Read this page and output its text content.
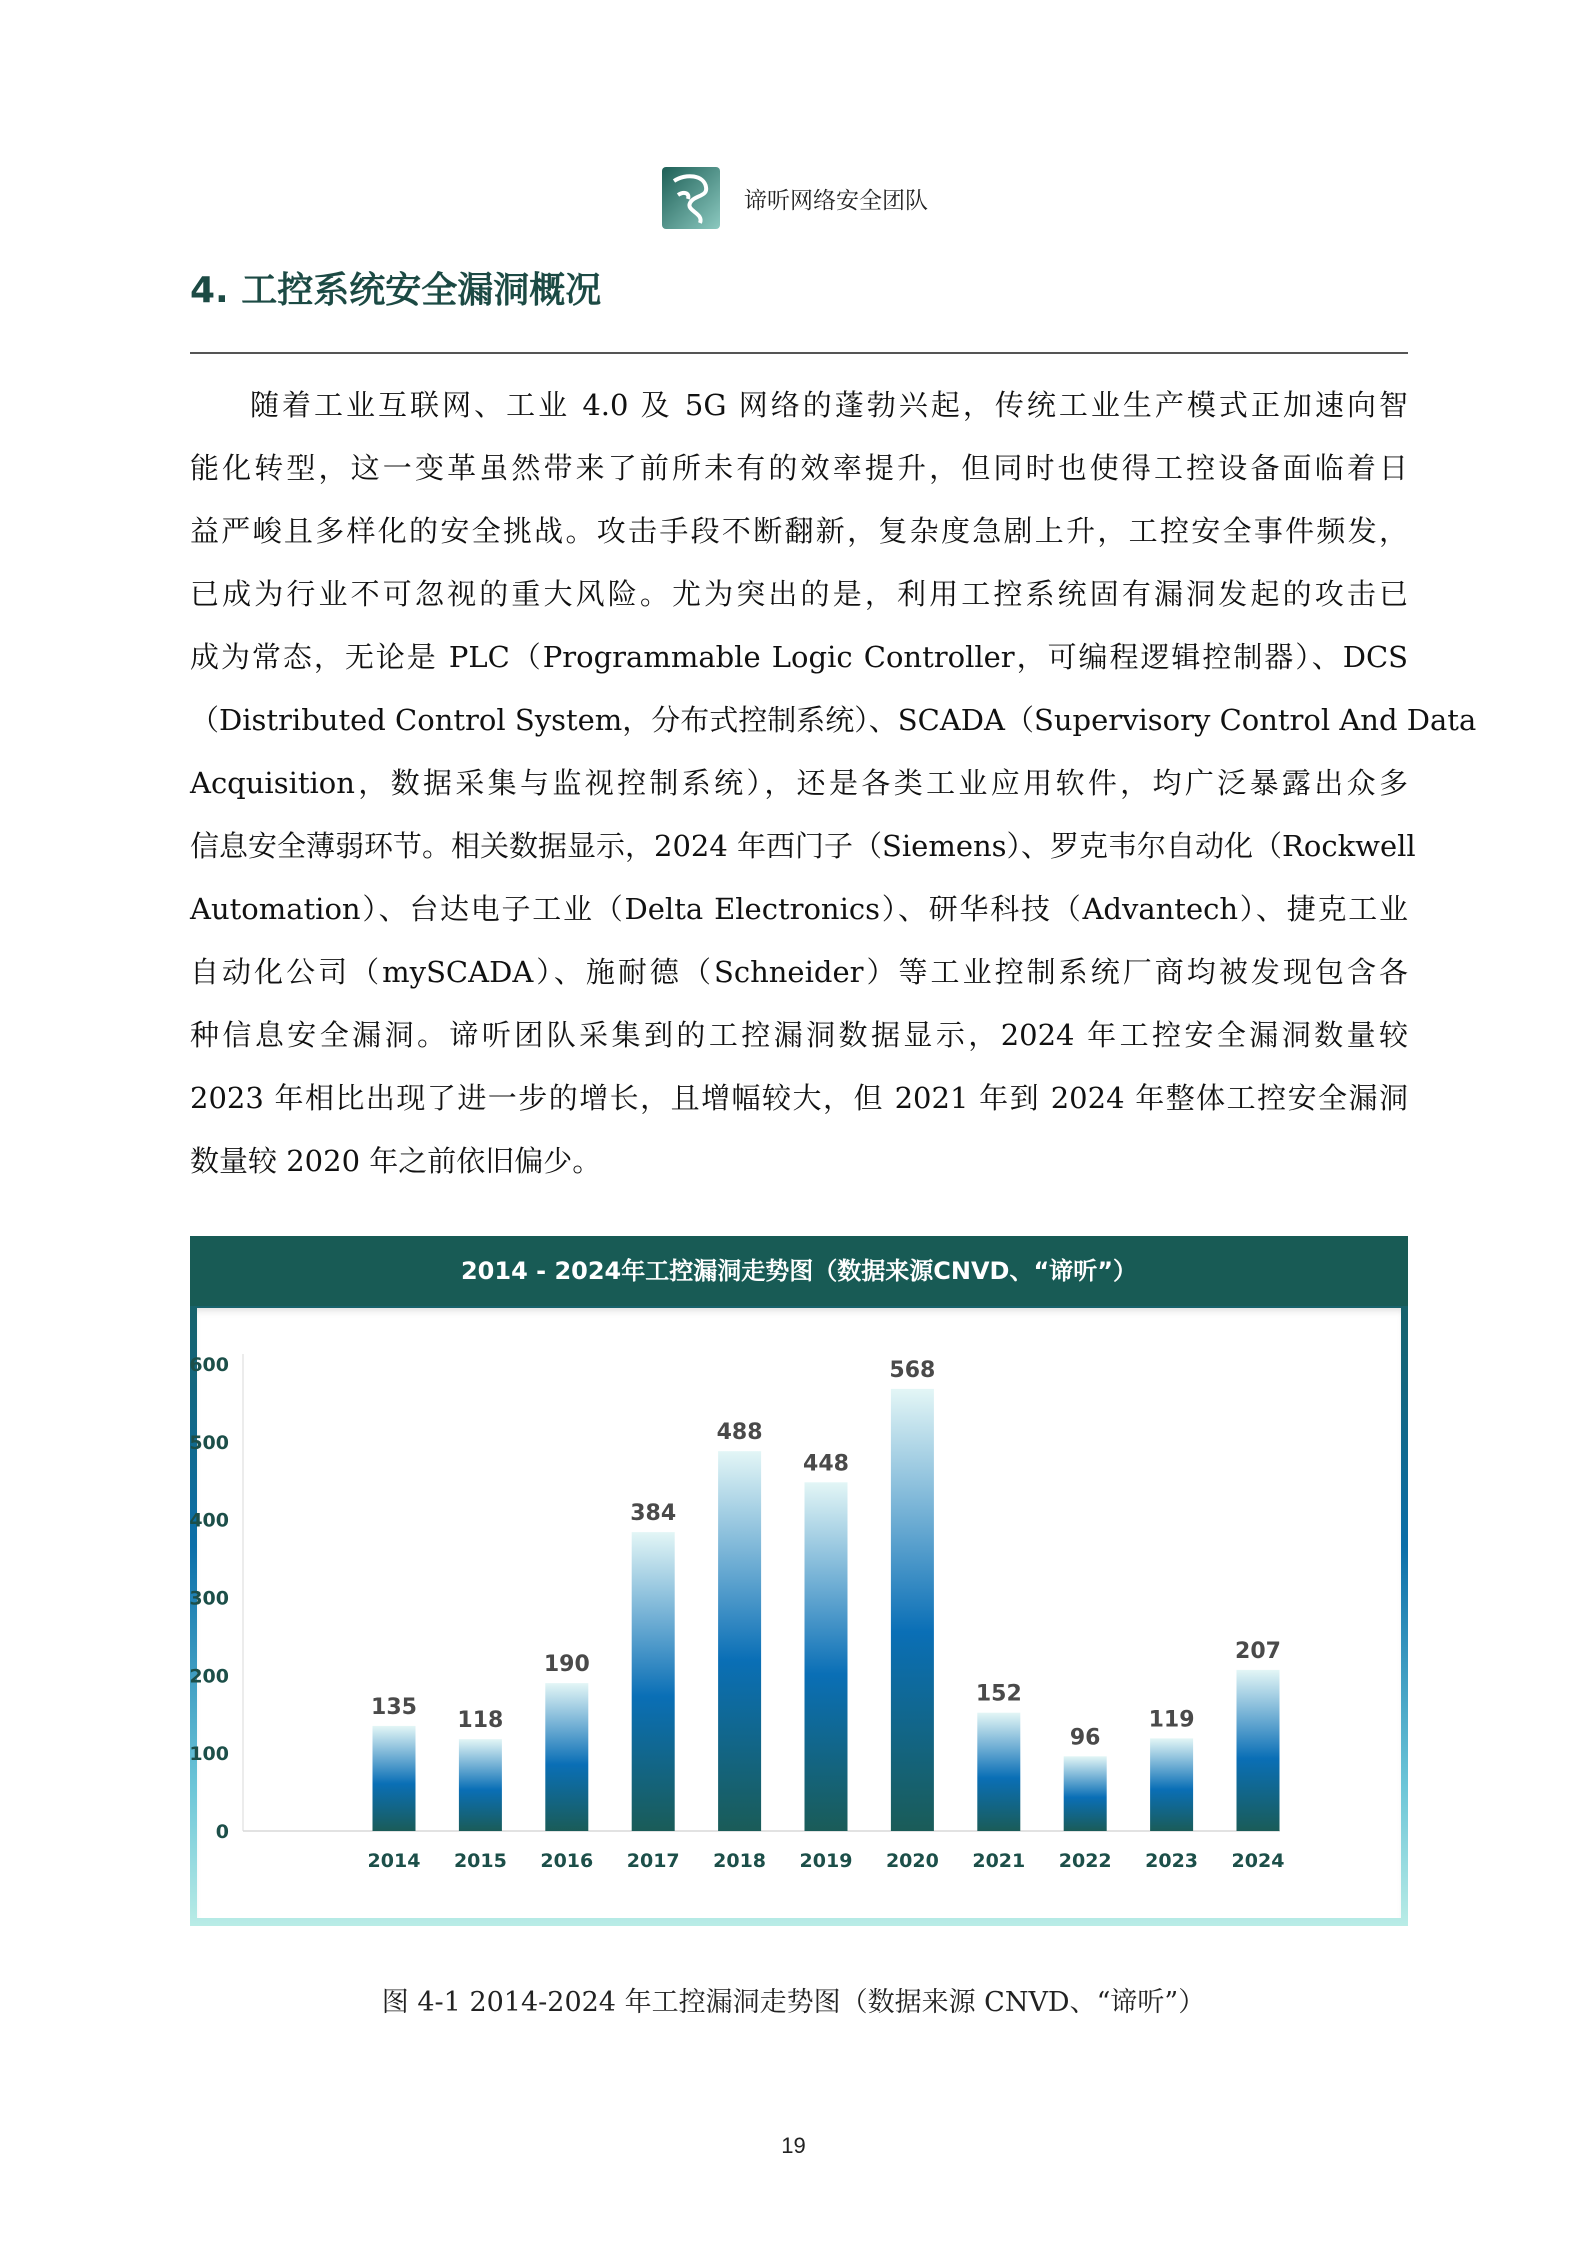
谛听网络安全团队
4. 工控系统安全漏洞概况
随着工业互联网、工业 4.0 及 5G 网络的蓬勃兴起，传统工业生产模式正加速向智
能化转型，这一变革虽然带来了前所未有的效率提升，但同时也使得工控设备面临着日
益严峻且多样化的安全挑战。攻击手段不断翻新，复杂度急剧上升，工控安全事件频发，
已成为行业不可忽视的重大风险。尤为突出的是，利用工控系统固有漏洞发起的攻击已
成为常态，无论是 PLC（Programmable Logic Controller，可编程逻辑控制器）、DCS
（Distributed Control System，分布式控制系统）、SCADA（Supervisory Control And Data
Acquisition，数据采集与监视控制系统），还是各类工业应用软件，均广泛暴露出众多
信息安全薄弱环节。相关数据显示，2024 年西门子（Siemens）、罗克韦尔自动化（Rockwell
Automation）、台达电子工业（Delta Electronics）、研华科技（Advantech）、捷克工业
自动化公司（mySCADA）、施耐德（Schneider）等工业控制系统厂商均被发现包含各
种信息安全漏洞。谛听团队采集到的工控漏洞数据显示，2024 年工控安全漏洞数量较
2023 年相比出现了进一步的增长，且增幅较大，但 2021 年到 2024 年整体工控安全漏洞
数量较 2020 年之前依旧偏少。
2014 - 2024年工控漏洞走势图（数据来源CNVD、“谛听”）
0
100
200
300
400
500
600
135
2014
118
2015
190
2016
384
2017
488
2018
448
2019
568
2020
152
2021
96
2022
119
2023
207
2024
图 4-1 2014-2024 年工控漏洞走势图（数据来源 CNVD、“谛听”）
19
